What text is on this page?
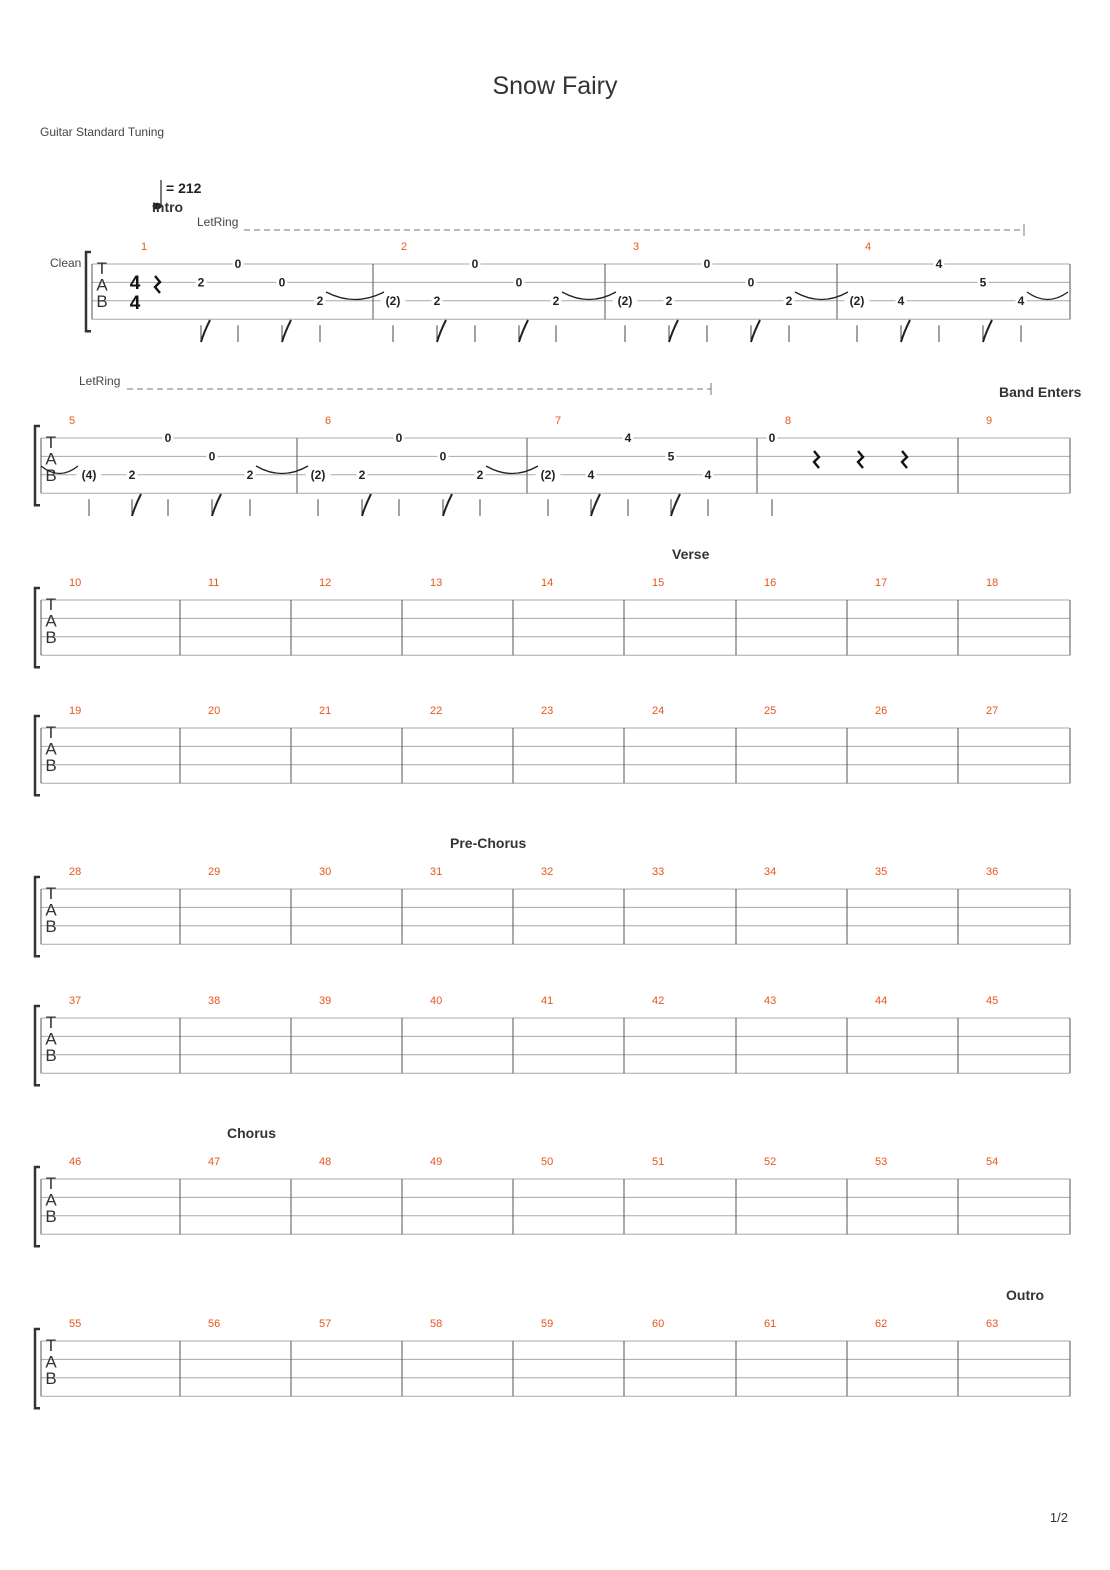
Snow Fairy
Guitar Standard Tuning
T
A
B
1	2	3	4
T
A
B
5	6	7	8	9
T
A
B
10	11	12	13	14	15	16	17	18
T
A
B
19	20	21	22	23	24	25	26	27
T
A
B
28	29	30	31	32	33	34	35	36
T
A
B
37	38	39	40	41	42	43	44	45
T
A
B
46	47	48	49	50	51	52	53	54
T
A
B
55	56	57	58	59	60	61	62	63
4
4
2
0
0
2	(2)	2
0
0
2	(2)	2
0
0
2	(2)	4
4
5
4
(4)	2
0
0
2	(2)	2
0
0
2	(2)	4
4
5
4
0
= 212
Intro
LetRing
Clean
LetRing
Band Enters
Verse
Pre-Chorus
Chorus
Outro
1/2
